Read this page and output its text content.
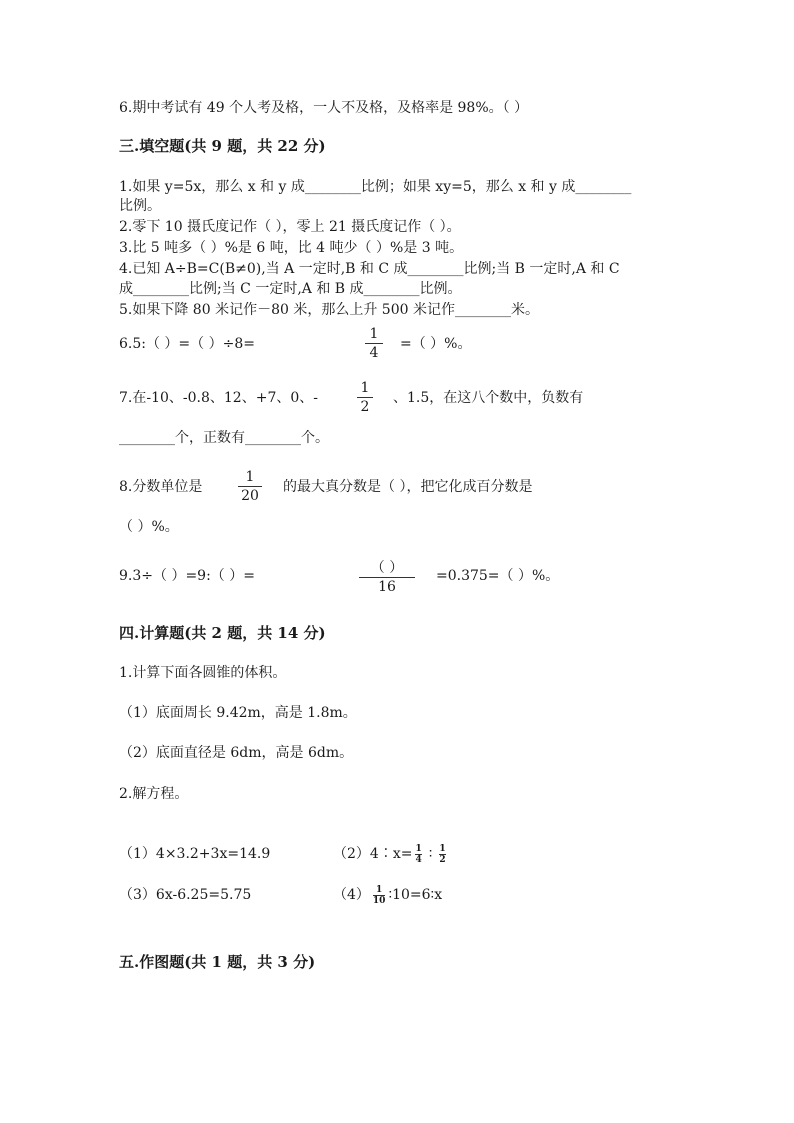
6.期中考试有 49 个人考及格，一人不及格，及格率是 98%。（ ）
三.填空题(共 9 题，共 22 分)
1.如果 y=5x，那么 x 和 y 成________比例；如果 xy=5，那么 x 和 y 成________
比例。
2.零下 10 摄氏度记作（ ），零上 21 摄氏度记作（ ）。
3.比 5 吨多（ ）%是 6 吨，比 4 吨少（ ）%是 3 吨。
4.已知 A÷B=C(B≠0),当 A 一定时,B 和 C 成________比例;当 B 一定时,A 和 C
成________比例;当 C 一定时,A 和 B 成________比例。
5.如果下降 80 米记作－80 米，那么上升 500 米记作________米。
6.5:（ ）=（ ）÷8=
1
4
=（ ）%。
7.在-10、-0.8、12、+7、0、-
1
2
、1.5，在这八个数中，负数有
________个，正数有________个。
8.分数单位是
1
20
的最大真分数是（ ），把它化成百分数是
（ ）%。
9.3÷（ ）=9:（ ）=	（ ）
16
=0.375=（ ）%。
四.计算题(共 2 题，共 14 分)
1.计算下面各圆锥的体积。
（1）底面周长 9.42m，高是 1.8m。
（2）底面直径是 6dm，高是 6dm。
2.解方程。
（1）4×3.2+3x=14.9	（2）4∶x= $\frac{1}{4}$ ∶ $\frac{1}{2}$
（3）6x-6.25=5.75	$(4) \frac{1}{10}$ ∶10=6∶x
五.作图题(共 1 题，共 3 分)
